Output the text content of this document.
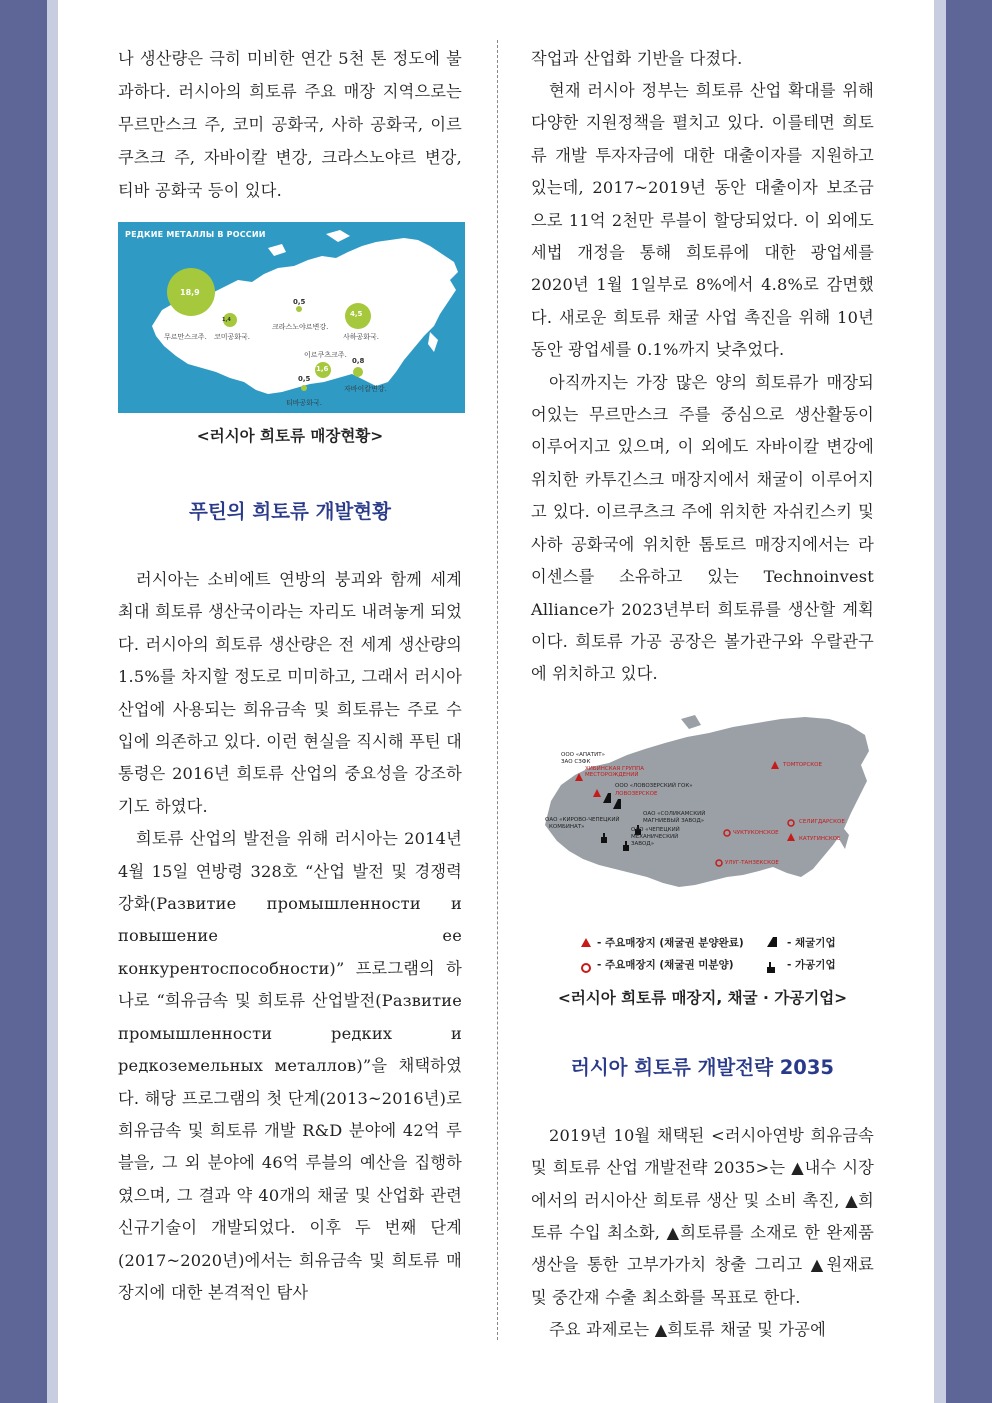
나 생산량은 극히 미비한 연간 5천 톤 정도에 불과하다. 러시아의 희토류 주요 매장 지역으로는 무르만스크 주, 코미 공화국, 사하 공화국, 이르쿠츠크 주, 자바이칼 변강, 크라스노야르 변강, 티바 공화국 등이 있다.

РЕДКИЕ МЕТАЛЛЫ В РОССИИ
18,9
1,4
0,5
4,5
1,6
0,8
0,5
무르만스크주. 코미공화국.
크라스노야르변강.
사하공화국.
이르쿠츠크주.
자바이칼변강.
티바공화국.
<러시아 희토류 매장현황>
푸틴의 희토류 개발현황

러시아는 소비에트 연방의 붕괴와 함께 세계 최대 희토류 생산국이라는 자리도 내려놓게 되었다. 러시아의 희토류 생산량은 전 세계 생산량의 1.5%를 차지할 정도로 미미하고, 그래서 러시아 산업에 사용되는 희유금속 및 희토류는 주로 수입에 의존하고 있다. 이런 현실을 직시해 푸틴 대통령은 2016년 희토류 산업의 중요성을 강조하기도 하였다.

희토류 산업의 발전을 위해 러시아는 2014년 4월 15일 연방령 328호 “산업 발전 및 경쟁력 강화(Развитие промышленности и повышение ее конкурентоспособности)” 프로그램의 하나로 “희유금속 및 희토류 산업발전(Развитие промышленности редких и редкоземельных металлов)”을 채택하였다. 해당 프로그램의 첫 단계(2013~2016년)로 희유금속 및 희토류 개발 R&D 분야에 42억 루블을, 그 외 분야에 46억 루블의 예산을 집행하였으며, 그 결과 약 40개의 채굴 및 산업화 관련 신규기술이 개발되었다. 이후 두 번째 단계(2017~2020년)에서는 희유금속 및 희토류 매장지에 대한 본격적인 탐사

작업과 산업화 기반을 다졌다.

현재 러시아 정부는 희토류 산업 확대를 위해 다양한 지원정책을 펼치고 있다. 이를테면 희토류 개발 투자자금에 대한 대출이자를 지원하고 있는데, 2017~2019년 동안 대출이자 보조금으로 11억 2천만 루블이 할당되었다. 이 외에도 세법 개정을 통해 희토류에 대한 광업세를 2020년 1월 1일부로 8%에서 4.8%로 감면했다. 새로운 희토류 채굴 사업 촉진을 위해 10년 동안 광업세를 0.1%까지 낮추었다.

아직까지는 가장 많은 양의 희토류가 매장되어있는 무르만스크 주를 중심으로 생산활동이 이루어지고 있으며, 이 외에도 자바이칼 변강에 위치한 카투긴스크 매장지에서 채굴이 이루어지고 있다. 이르쿠츠크 주에 위치한 자쉬킨스키 및 사하 공화국에 위치한 톰토르 매장지에서는 라이센스를 소유하고 있는 Technoinvest Alliance가 2023년부터 희토류를 생산할 계획이다. 희토류 가공 공장은 볼가관구와 우랄관구에 위치하고 있다.

ООО «АПАТИТ»
ЗАО СЗФК
ХИБИНСКАЯ ГРУППА
МЕСТОРОЖДЕНИЙ
ООО «ЛОВОЗЕРСКИЙ ГОК»
ЛОВОЗЕРСКОЕ
ОАО «КИРОВО-ЧЕПЕЦКИЙ
КОМБИНАТ»
ОАО «СОЛИКАМСКИЙ
МАГНИЕВЫЙ ЗАВОД»
ОАО «ЧЕПЕЦКИЙ
МЕХАНИЧЕСКИЙ
ЗАВОД»
ТОМТОРСКОЕ
СЕЛИГДАРСКОЕ
ЧУКТУКОНСКОЕ
КАТУГИНСКОЕ
УЛУГ-ТАНЗЕКСКОЕ
- 주요매장지 (채굴권 분양완료)
- 주요매장지 (채굴권 미분양)
- 채굴기업
- 가공기업
<러시아 희토류 매장지, 채굴 · 가공기업>
러시아 희토류 개발전략 2035

2019년 10월 채택된 <러시아연방 희유금속 및 희토류 산업 개발전략 2035>는 ▲내수 시장에서의 러시아산 희토류 생산 및 소비 촉진, ▲희토류 수입 최소화, ▲희토류를 소재로 한 완제품 생산을 통한 고부가가치 창출 그리고 ▲원재료 및 중간재 수출 최소화를 목표로 한다.

주요 과제로는 ▲희토류 채굴 및 가공에
